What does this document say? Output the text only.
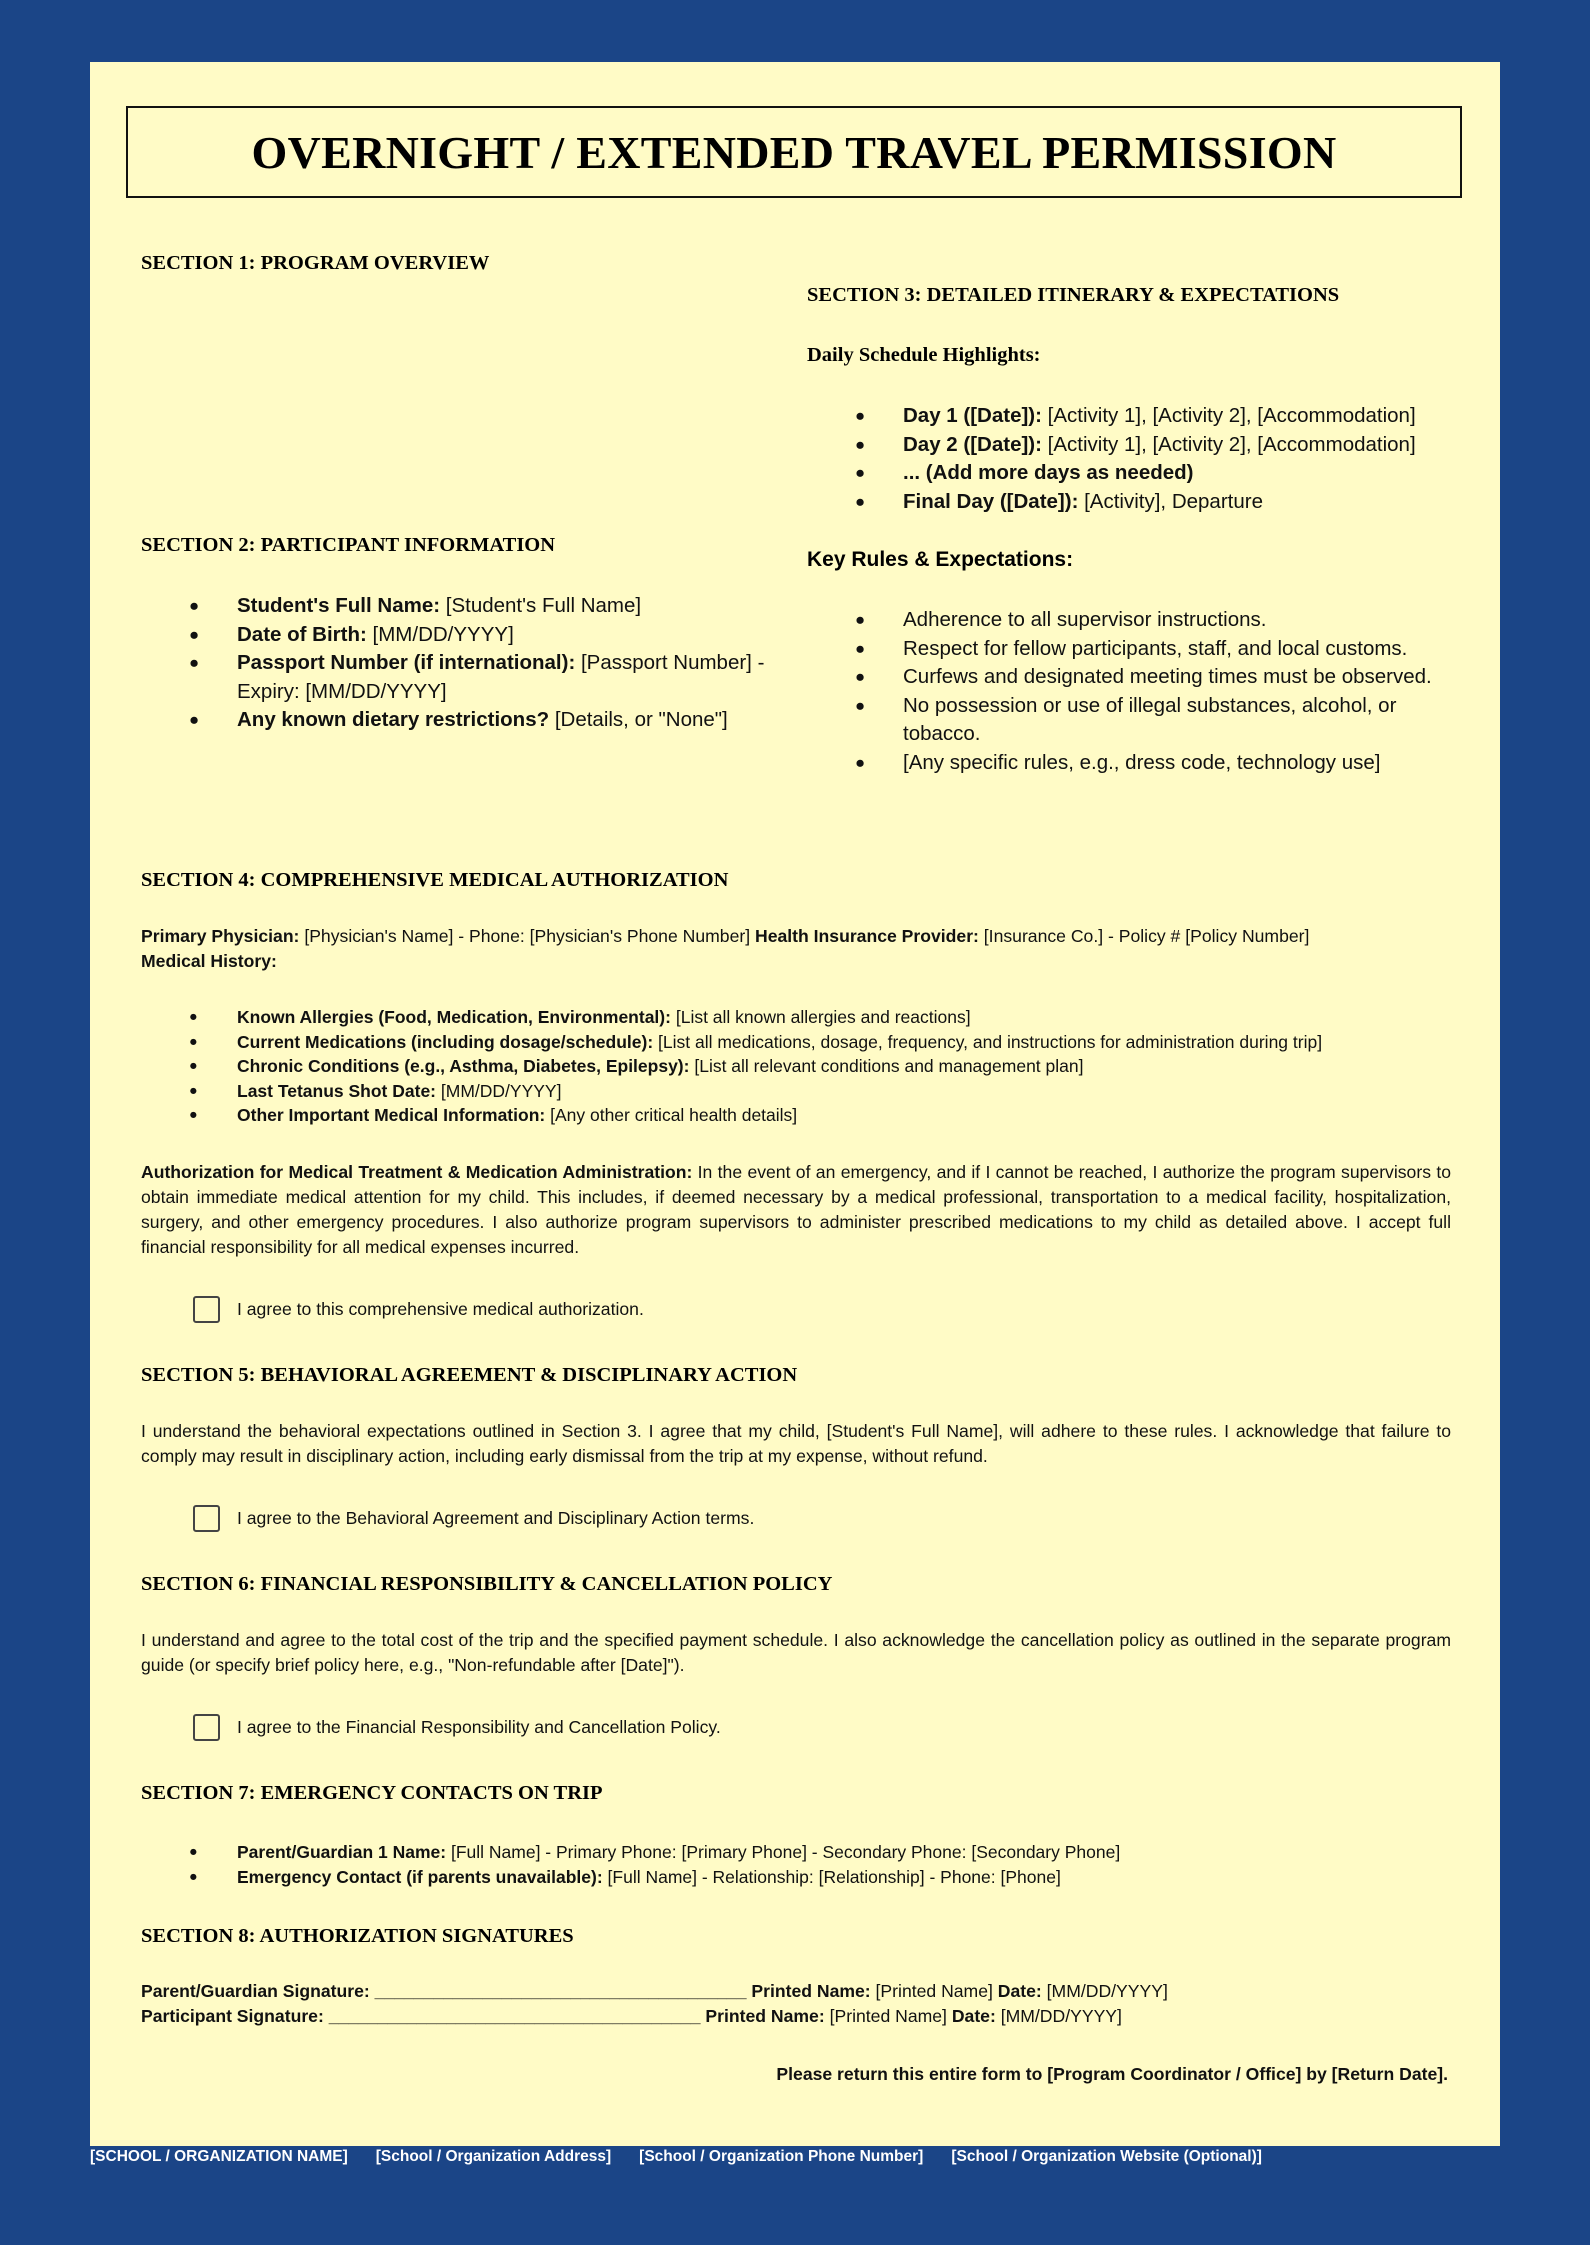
OVERNIGHT / EXTENDED TRAVEL PERMISSION
SECTION 1: PROGRAM OVERVIEW
SECTION 2: PARTICIPANT INFORMATION
● Student's Full Name: [Student's Full Name]
● Date of Birth: [MM/DD/YYYY]
● Passport Number (if international): [Passport Number] - Expiry: [MM/DD/YYYY]
● Any known dietary restrictions? [Details, or "None"]
SECTION 3: DETAILED ITINERARY & EXPECTATIONS
Daily Schedule Highlights:
● Day 1 ([Date]): [Activity 1], [Activity 2], [Accommodation]
● Day 2 ([Date]): [Activity 1], [Activity 2], [Accommodation]
● ... (Add more days as needed)
● Final Day ([Date]): [Activity], Departure
Key Rules & Expectations:
● Adherence to all supervisor instructions.
● Respect for fellow participants, staff, and local customs.
● Curfews and designated meeting times must be observed.
● No possession or use of illegal substances, alcohol, or tobacco.
● [Any specific rules, e.g., dress code, technology use]
SECTION 4: COMPREHENSIVE MEDICAL AUTHORIZATION
Primary Physician: [Physician's Name] - Phone: [Physician's Phone Number] Health Insurance Provider: [Insurance Co.] - Policy # [Policy Number]
Medical History:
● Known Allergies (Food, Medication, Environmental): [List all known allergies and reactions]
● Current Medications (including dosage/schedule): [List all medications, dosage, frequency, and instructions for administration during trip]
● Chronic Conditions (e.g., Asthma, Diabetes, Epilepsy): [List all relevant conditions and management plan]
● Last Tetanus Shot Date: [MM/DD/YYYY]
● Other Important Medical Information: [Any other critical health details]
Authorization for Medical Treatment & Medication Administration: In the event of an emergency, and if I cannot be reached, I authorize the program supervisors to obtain immediate medical attention for my child. This includes, if deemed necessary by a medical professional, transportation to a medical facility, hospitalization, surgery, and other emergency procedures. I also authorize program supervisors to administer prescribed medications to my child as detailed above. I accept full financial responsibility for all medical expenses incurred.
I agree to this comprehensive medical authorization.
SECTION 5: BEHAVIORAL AGREEMENT & DISCIPLINARY ACTION
I understand the behavioral expectations outlined in Section 3. I agree that my child, [Student's Full Name], will adhere to these rules. I acknowledge that failure to comply may result in disciplinary action, including early dismissal from the trip at my expense, without refund.
I agree to the Behavioral Agreement and Disciplinary Action terms.
SECTION 6: FINANCIAL RESPONSIBILITY & CANCELLATION POLICY
I understand and agree to the total cost of the trip and the specified payment schedule. I also acknowledge the cancellation policy as outlined in the separate program guide (or specify brief policy here, e.g., "Non-refundable after [Date]").
I agree to the Financial Responsibility and Cancellation Policy.
SECTION 7: EMERGENCY CONTACTS ON TRIP
● Parent/Guardian 1 Name: [Full Name] - Primary Phone: [Primary Phone] - Secondary Phone: [Secondary Phone]
● Emergency Contact (if parents unavailable): [Full Name] - Relationship: [Relationship] - Phone: [Phone]
SECTION 8: AUTHORIZATION SIGNATURES
Parent/Guardian Signature: ______________________________________ Printed Name: [Printed Name] Date: [MM/DD/YYYY]
Participant Signature: ______________________________________ Printed Name: [Printed Name] Date: [MM/DD/YYYY]
Please return this entire form to [Program Coordinator / Office] by [Return Date].
[SCHOOL / ORGANIZATION NAME] [School / Organization Address] [School / Organization Phone Number] [School / Organization Website (Optional)]
